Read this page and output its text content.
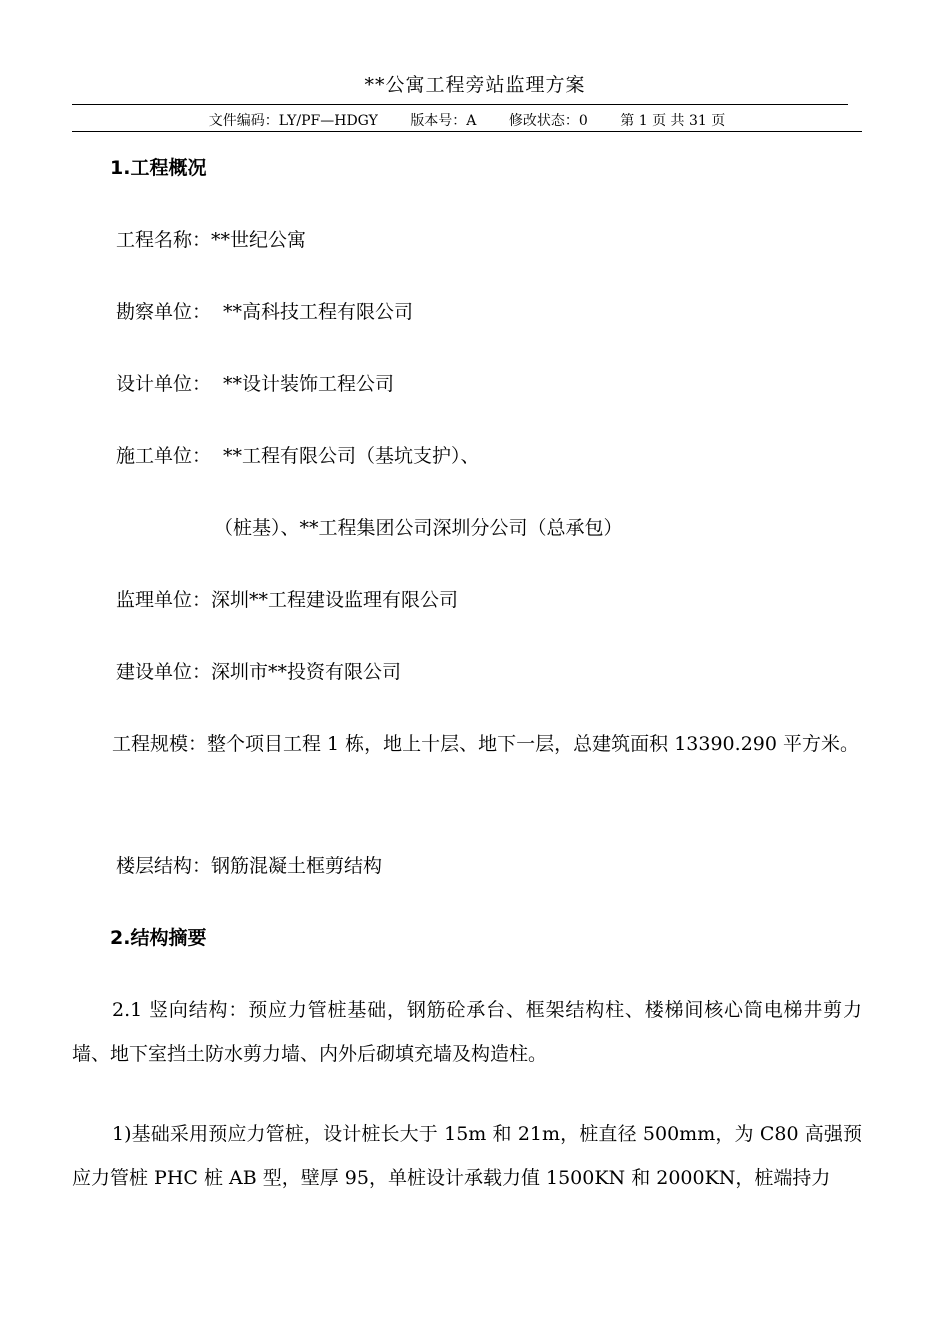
**公寓工程旁站监理方案
文件编码：LY/PF—HDGY 版本号：A 修改状态：0 第 1 页 共 31 页
1.工程概况
工程名称：**世纪公寓
勘察单位： **高科技工程有限公司
设计单位： **设计装饰工程公司
施工单位： **工程有限公司（基坑支护）、
（桩基）、**工程集团公司深圳分公司（总承包）
监理单位：深圳**工程建设监理有限公司
建设单位：深圳市**投资有限公司
工程规模：整个项目工程 1 栋，地上十层、地下一层，总建筑面积 13390.290 平方米。
楼层结构：钢筋混凝土框剪结构
2.结构摘要
2.1 竖向结构：预应力管桩基础，钢筋砼承台、框架结构柱、楼梯间核心筒电梯井剪力墙、地下室挡土防水剪力墙、内外后砌填充墙及构造柱。
1)基础采用预应力管桩，设计桩长大于 15m 和 21m，桩直径 500mm，为 C80 高强预应力管桩 PHC 桩 AB 型，壁厚 95，单桩设计承载力值 1500KN 和 2000KN，桩端持力
